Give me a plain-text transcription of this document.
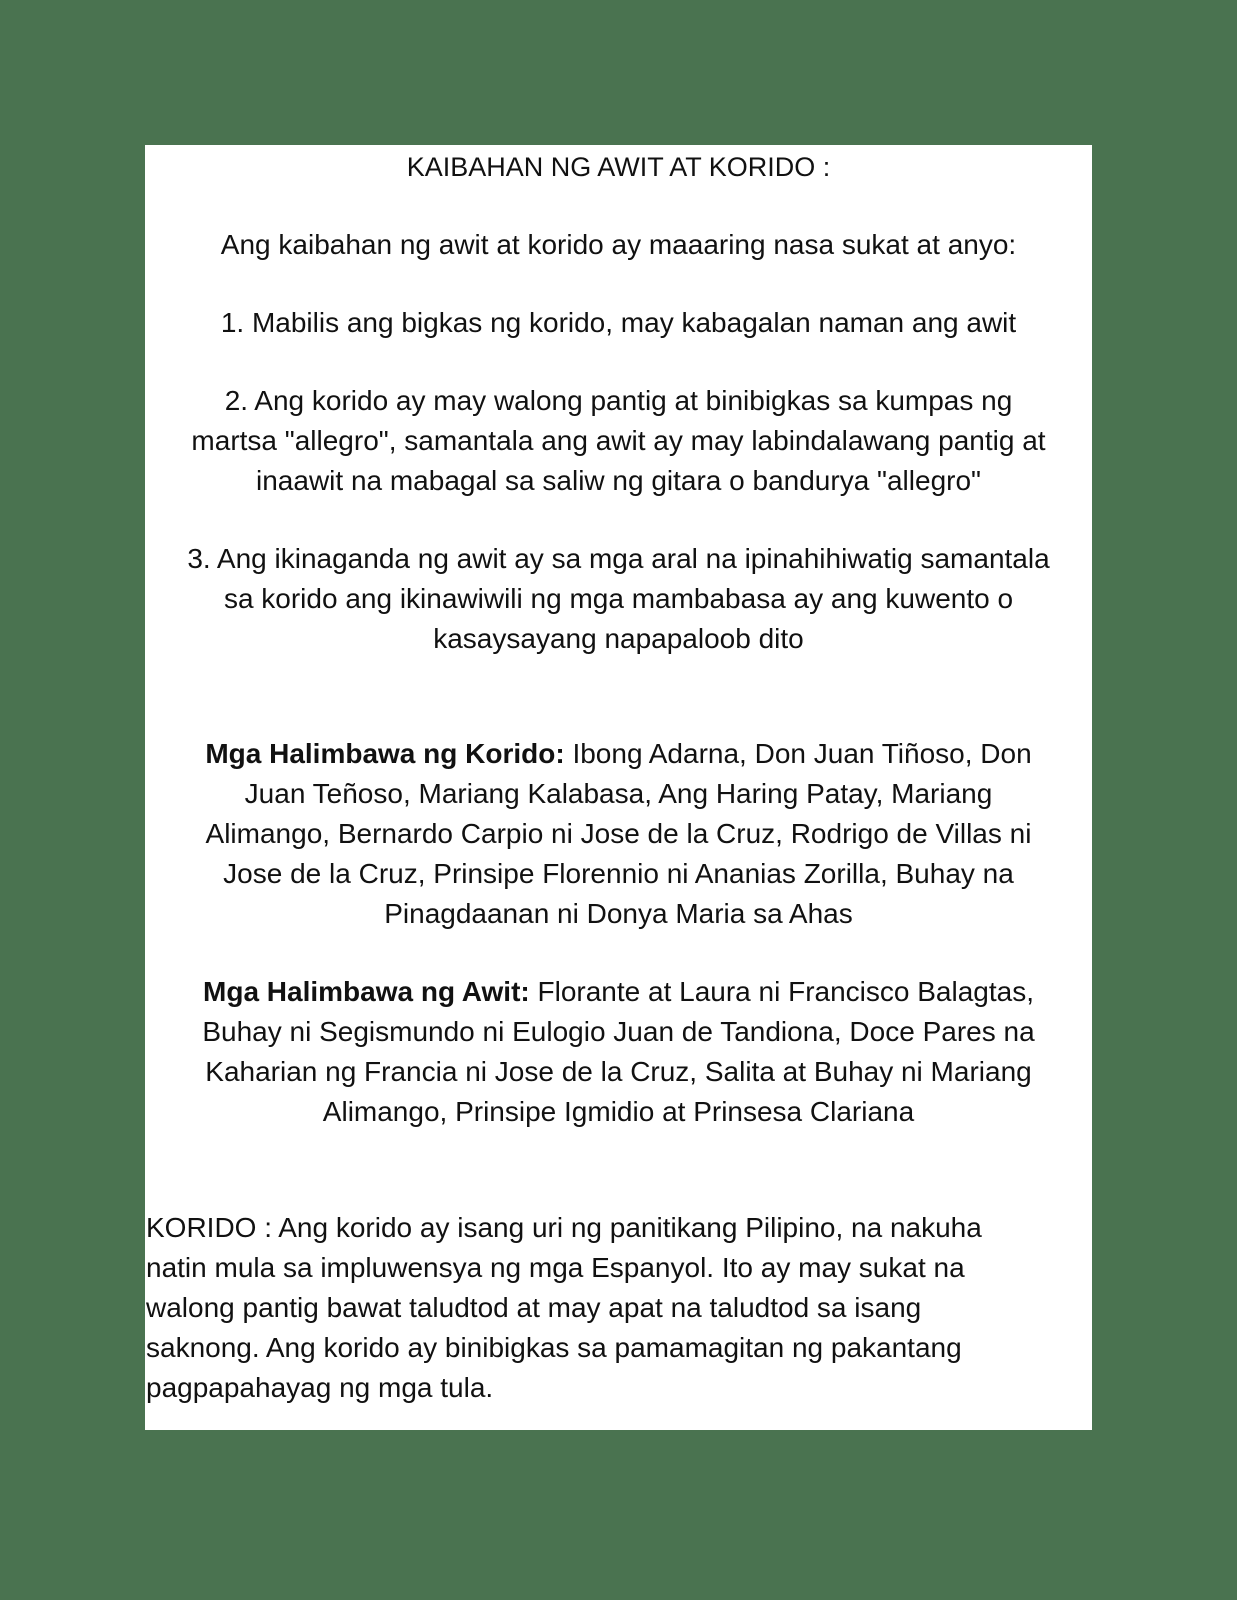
KAIBAHAN NG AWIT AT KORIDO :
Ang kaibahan ng awit at korido ay maaaring nasa sukat at anyo:
1. Mabilis ang bigkas ng korido, may kabagalan naman ang awit
2. Ang korido ay may walong pantig at binibigkas sa kumpas ng
martsa "allegro", samantala ang awit ay may labindalawang pantig at
inaawit na mabagal sa saliw ng gitara o bandurya "allegro"
3. Ang ikinaganda ng awit ay sa mga aral na ipinahihiwatig samantala
sa korido ang ikinawiwili ng mga mambabasa ay ang kuwento o
kasaysayang napapaloob dito
Mga Halimbawa ng Korido: Ibong Adarna, Don Juan Tiñoso, Don
Juan Teñoso, Mariang Kalabasa, Ang Haring Patay, Mariang
Alimango, Bernardo Carpio ni Jose de la Cruz, Rodrigo de Villas ni
Jose de la Cruz, Prinsipe Florennio ni Ananias Zorilla, Buhay na
Pinagdaanan ni Donya Maria sa Ahas
Mga Halimbawa ng Awit: Florante at Laura ni Francisco Balagtas,
Buhay ni Segismundo ni Eulogio Juan de Tandiona, Doce Pares na
Kaharian ng Francia ni Jose de la Cruz, Salita at Buhay ni Mariang
Alimango, Prinsipe Igmidio at Prinsesa Clariana
KORIDO : Ang korido ay isang uri ng panitikang Pilipino, na nakuha
natin mula sa impluwensya ng mga Espanyol. Ito ay may sukat na
walong pantig bawat taludtod at may apat na taludtod sa isang
saknong. Ang korido ay binibigkas sa pamamagitan ng pakantang
pagpapahayag ng mga tula.
